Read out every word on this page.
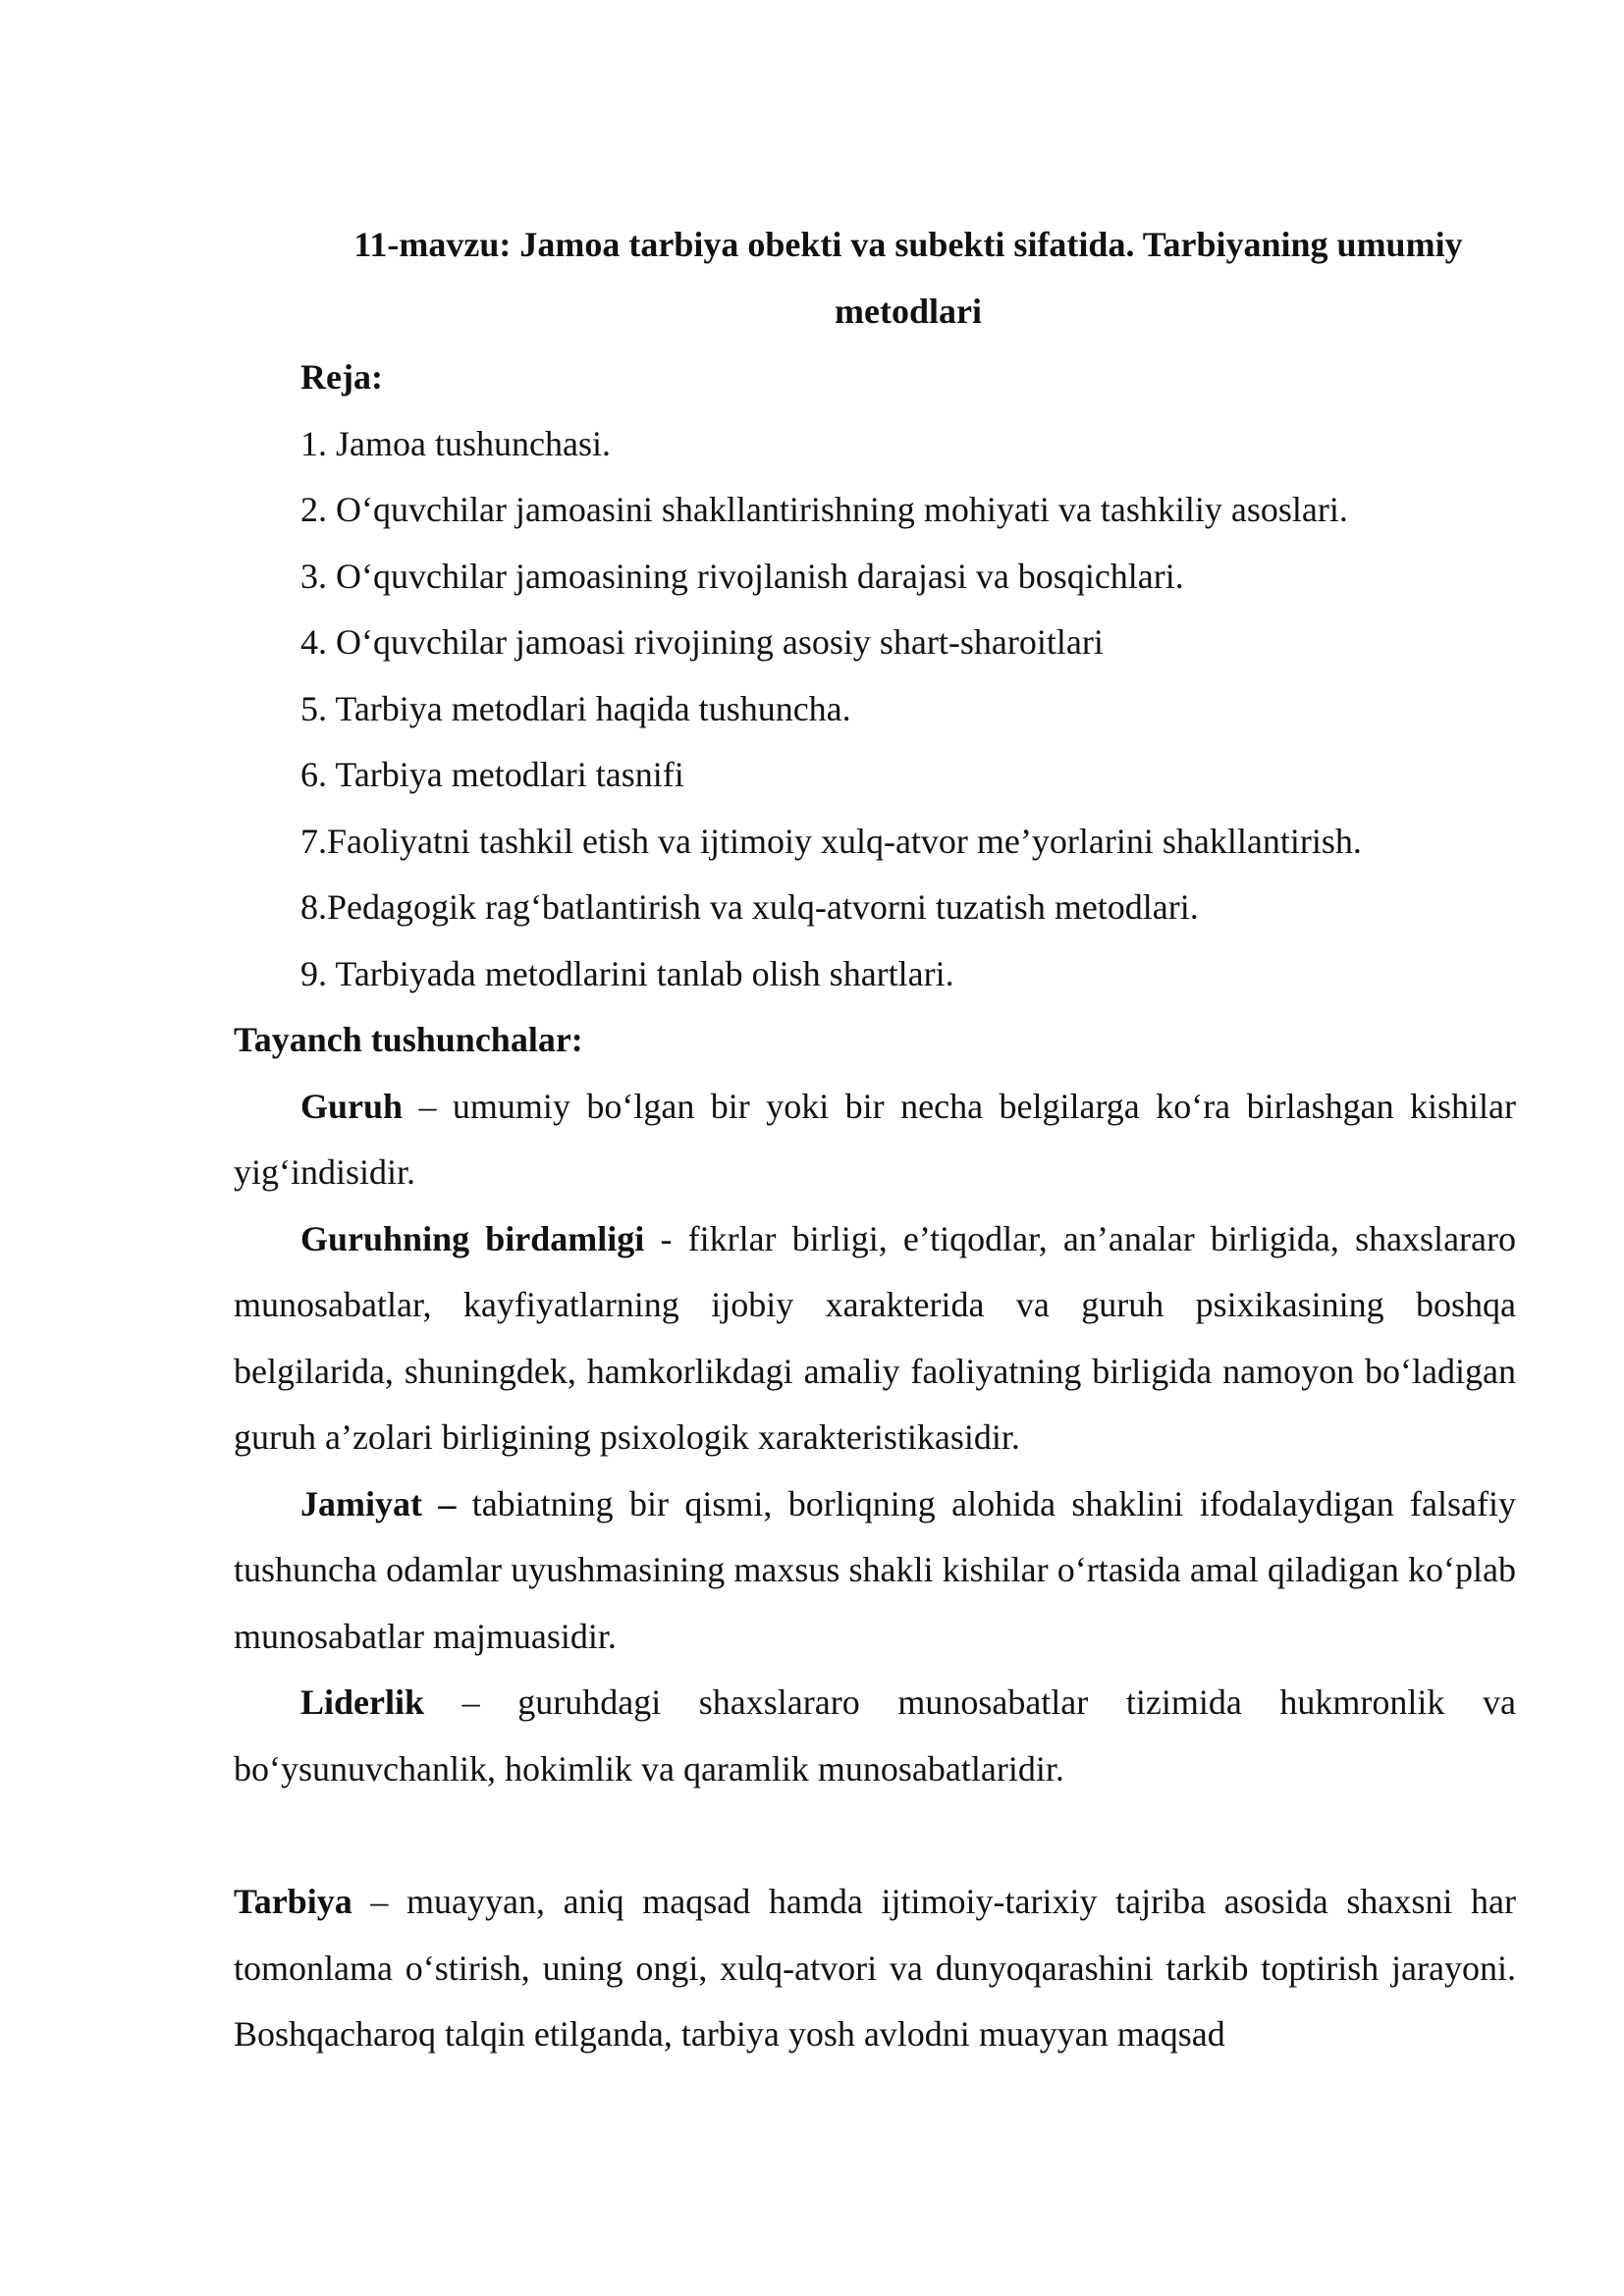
11-mavzu: Jamoa tarbiya obekti va subekti sifatida. Tarbiyaning umumiy
metodlari
Reja:
1. Jamoa tushunchasi.
2. O‘quvchilar jamoasini shakllantirishning mohiyati va tashkiliy asoslari.
3. O‘quvchilar jamoasining rivojlanish darajasi va bosqichlari.
4. O‘quvchilar jamoasi rivojining asosiy shart-sharoitlari
5. Tarbiya metodlari haqida tushuncha.
6. Tarbiya metodlari tasnifi
7.Faoliyatni tashkil etish va ijtimoiy xulq-atvor me’yorlarini shakllantirish.
8.Pedagogik rag‘batlantirish va xulq-atvorni tuzatish metodlari.
9. Tarbiyada metodlarini tanlab olish shartlari.
Tayanch tushunchalar:

Guruh – umumiy bo‘lgan bir yoki bir necha belgilarga ko‘ra birlashgan kishilar yig‘indisidir.

Guruhning birdamligi - fikrlar birligi, e’tiqodlar, an’analar birligida, shaxslararo munosabatlar, kayfiyatlarning ijobiy xarakterida va guruh psixikasining boshqa belgilarida, shuningdek, hamkorlikdagi amaliy faoliyatning birligida namoyon bo‘ladigan guruh a’zolari birligining psixologik xarakteristikasidir.

Jamiyat – tabiatning bir qismi, borliqning alohida shaklini ifodalaydigan falsafiy tushuncha odamlar uyushmasining maxsus shakli kishilar o‘rtasida amal qiladigan ko‘plab munosabatlar majmuasidir.

Liderlik – guruhdagi shaxslararo munosabatlar tizimida hukmronlik va bo‘ysunuvchanlik, hokimlik va qaramlik munosabatlaridir.

Tarbiya – muayyan, aniq maqsad hamda ijtimoiy-tarixiy tajriba asosida shaxsni har tomonlama o‘stirish, uning ongi, xulq-atvori va dunyoqarashini tarkib toptirish jarayoni. Boshqacharoq talqin etilganda, tarbiya yosh avlodni muayyan maqsad
